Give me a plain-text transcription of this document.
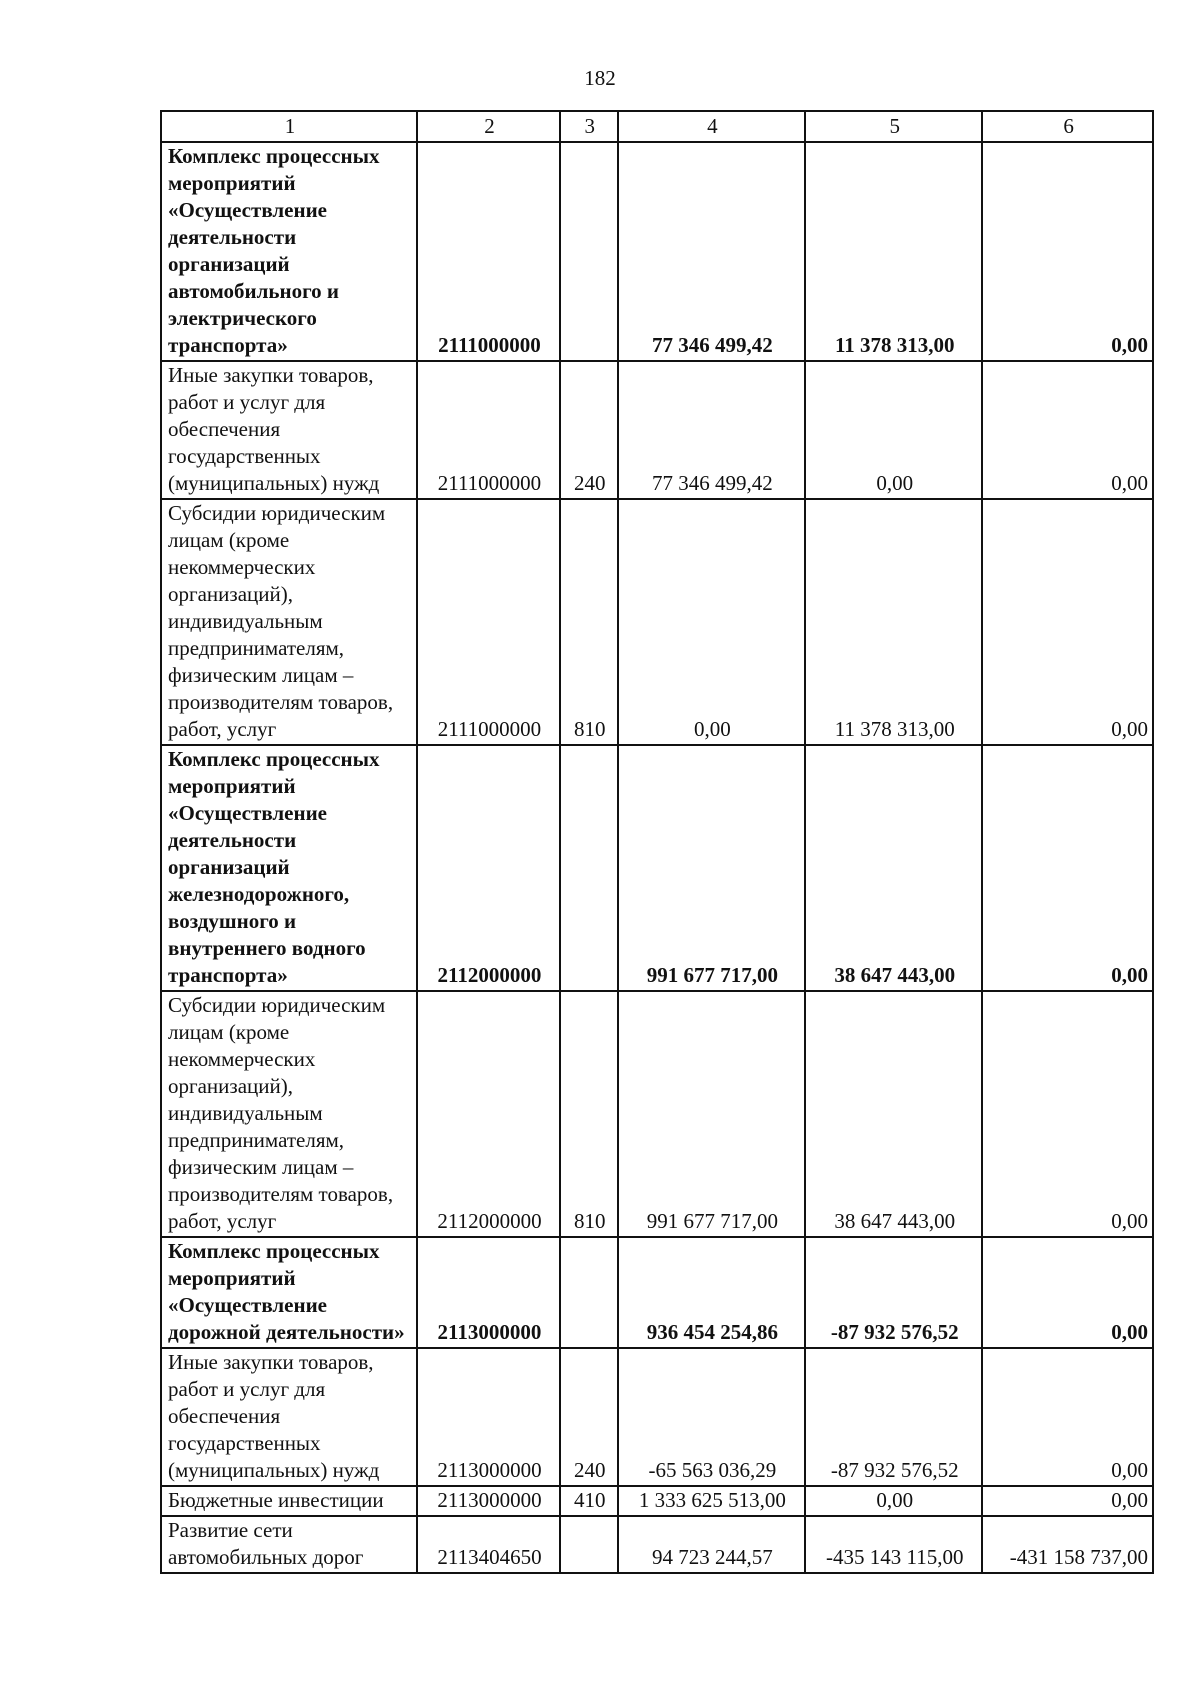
182
1	2	3	4	5	6
Комплекс процессных мероприятий «Осуществление деятельности организаций автомобильного и электрического транспорта»	2111000000		77 346 499,42	11 378 313,00	0,00
Иные закупки товаров, работ и услуг для обеспечения государственных (муниципальных) нужд	2111000000	240	77 346 499,42	0,00	0,00
Субсидии юридическим лицам (кроме некоммерческих организаций), индивидуальным предпринимателям, физическим лицам – производителям товаров, работ, услуг	2111000000	810	0,00	11 378 313,00	0,00
Комплекс процессных мероприятий «Осуществление деятельности организаций железнодорожного, воздушного и внутреннего водного транспорта»	2112000000		991 677 717,00	38 647 443,00	0,00
Субсидии юридическим лицам (кроме некоммерческих организаций), индивидуальным предпринимателям, физическим лицам – производителям товаров, работ, услуг	2112000000	810	991 677 717,00	38 647 443,00	0,00
Комплекс процессных мероприятий «Осуществление дорожной деятельности»	2113000000		936 454 254,86	-87 932 576,52	0,00
Иные закупки товаров, работ и услуг для обеспечения государственных (муниципальных) нужд	2113000000	240	-65 563 036,29	-87 932 576,52	0,00
Бюджетные инвестиции	2113000000	410	1 333 625 513,00	0,00	0,00
Развитие сети автомобильных дорог	2113404650		94 723 244,57	-435 143 115,00	-431 158 737,00
